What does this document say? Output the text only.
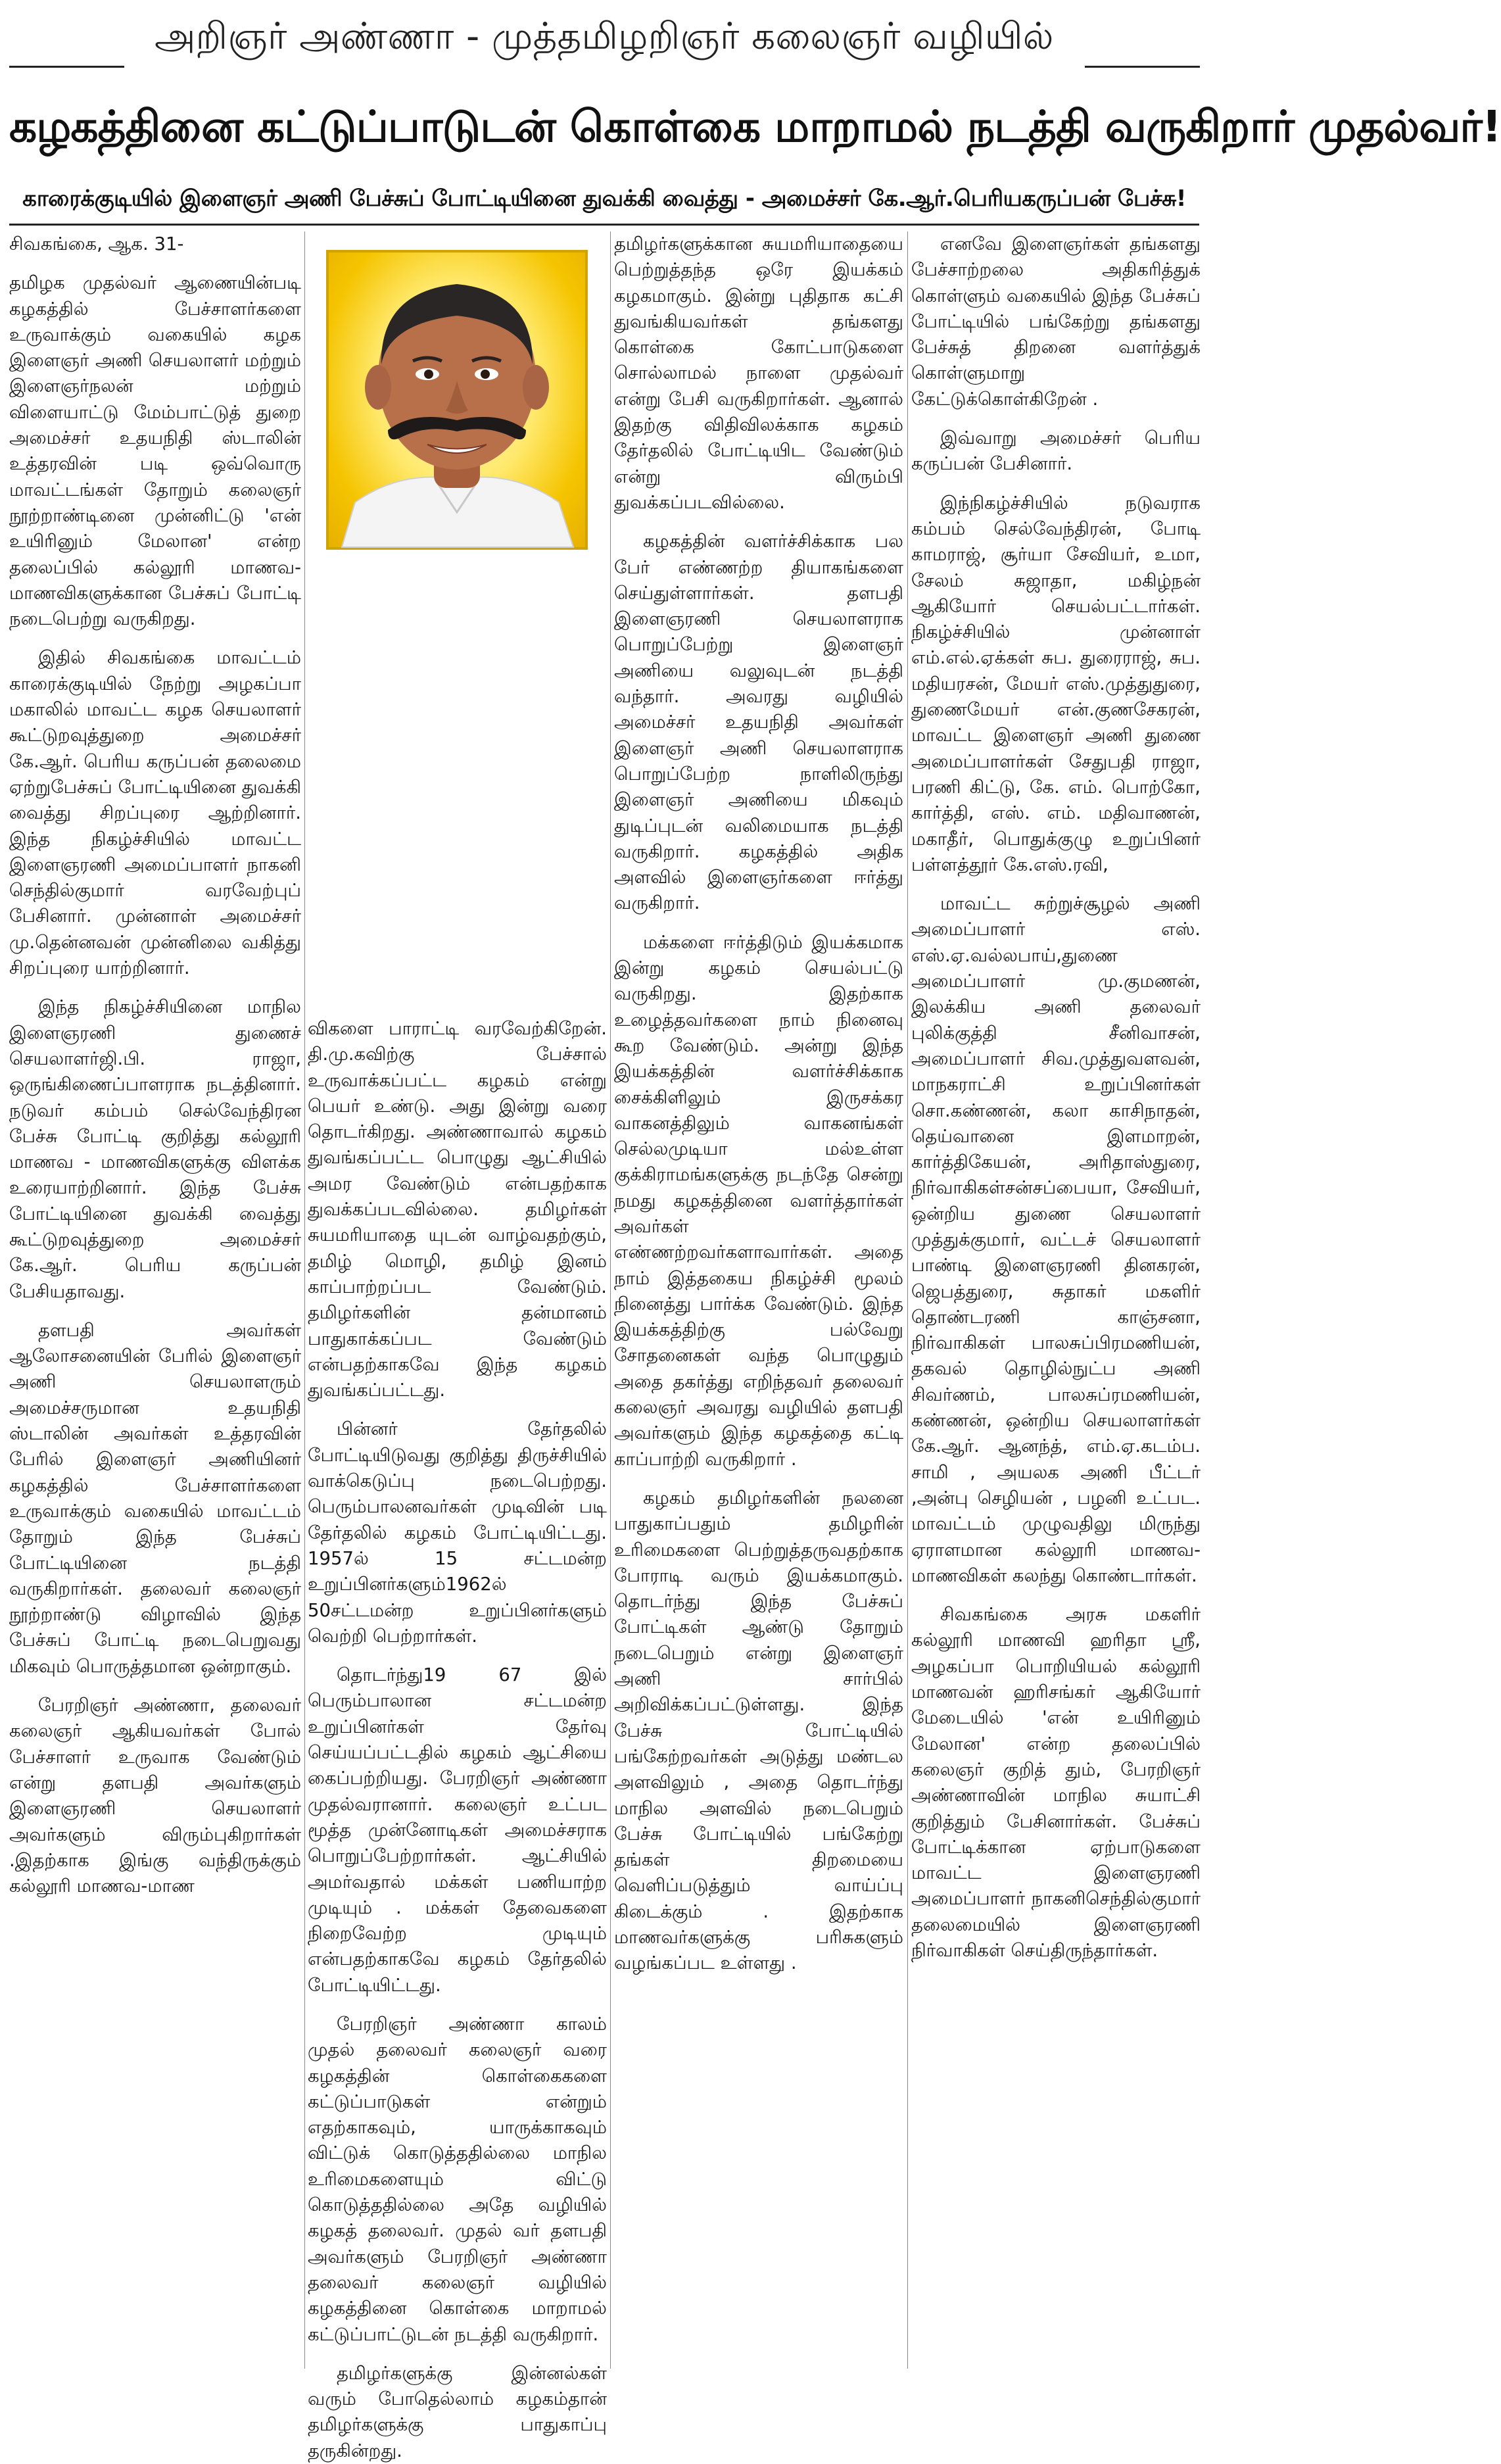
அறிஞர் அண்ணா - முத்தமிழறிஞர் கலைஞர் வழியில்
கழகத்தினை கட்டுப்பாடுடன் கொள்கை மாறாமல் நடத்தி வருகிறார் முதல்வர்!
காரைக்குடியில் இளைஞர் அணி பேச்சுப் போட்டியினை துவக்கி வைத்து - அமைச்சர் கே.ஆர்.பெரியகருப்பன் பேச்சு!

சிவகங்கை, ஆக. 31-

தமிழக முதல்வர் ஆணையின்படி கழகத்தில் பேச்சாளர்களை உருவாக்கும் வகையில் கழக இளைஞர் அணி செயலாளர் மற்றும் இளைஞர்நலன் மற்றும் விளையாட்டு மேம்பாட்டுத் துறை அமைச்சர் உதயநிதி ஸ்டாலின் உத்தரவின் படி ஒவ்வொரு மாவட்டங்கள் தோறும் கலைஞர் நூற்றாண்டினை முன்னிட்டு 'என் உயிரினும் மேலான' என்ற தலைப்பில் கல்லூரி மாணவ- மாணவிகளுக்கான பேச்சுப் போட்டி நடைபெற்று வருகிறது.

இதில் சிவகங்கை மாவட்டம் காரைக்குடியில் நேற்று அழகப்பா மகாலில் மாவட்ட கழக செயலாளர் கூட்டுறவுத்துறை அமைச்சர் கே.ஆர். பெரிய கருப்பன் தலைமை ஏற்றுபேச்சுப் போட்டியினை துவக்கி வைத்து சிறப்புரை ஆற்றினார். இந்த நிகழ்ச்சியில் மாவட்ட இளைஞரணி அமைப்பாளர் நாகனி செந்தில்குமார் வரவேற்புப் பேசினார். முன்னாள் அமைச்சர் மு.தென்னவன் முன்னிலை வகித்து சிறப்புரை யாற்றினார்.

இந்த நிகழ்ச்சியினை மாநில இளைஞரணி துணைச் செயலாளர்ஜி.பி. ராஜா, ஒருங்கிணைப்பாளராக நடத்தினார். நடுவர் கம்பம் செல்வேந்திரன பேச்சு போட்டி குறித்து கல்லூரி மாணவ - மாணவிகளுக்கு விளக்க உரையாற்றினார். இந்த பேச்சு போட்டியினை துவக்கி வைத்து கூட்டுறவுத்துறை அமைச்சர் கே.ஆர். பெரிய கருப்பன் பேசியதாவது.

தளபதி அவர்கள் ஆலோசனையின் பேரில் இளைஞர் அணி செயலாளரும் அமைச்சருமான உதயநிதி ஸ்டாலின் அவர்கள் உத்தரவின் பேரில் இளைஞர் அணியினர் கழகத்தில் பேச்சாளர்களை உருவாக்கும் வகையில் மாவட்டம் தோறும் இந்த பேச்சுப் போட்டியினை நடத்தி வருகிறார்கள். தலைவர் கலைஞர் நூற்றாண்டு விழாவில் இந்த பேச்சுப் போட்டி நடைபெறுவது மிகவும் பொருத்தமான ஒன்றாகும்.

பேரறிஞர் அண்ணா, தலைவர் கலைஞர் ஆகியவர்கள் போல் பேச்சாளர் உருவாக வேண்டும் என்று தளபதி அவர்களும் இளைஞரணி செயலாளர் அவர்களும் விரும்புகிறார்கள் .இதற்காக இங்கு வந்திருக்கும் கல்லூரி மாணவ-மாண

விகளை பாராட்டி வரவேற்கிறேன். தி.மு.கவிற்கு பேச்சால் உருவாக்கப்பட்ட கழகம் என்று பெயர் உண்டு. அது இன்று வரை தொடர்கிறது. அண்ணாவால் கழகம் துவங்கப்பட்ட பொழுது ஆட்சியில் அமர வேண்டும் என்பதற்காக துவக்கப்படவில்லை. தமிழர்கள் சுயமரியாதை யுடன் வாழ்வதற்கும், தமிழ் மொழி, தமிழ் இனம் காப்பாற்றப்பட வேண்டும். தமிழர்களின் தன்மானம் பாதுகாக்கப்பட வேண்டும் என்பதற்காகவே இந்த கழகம் துவங்கப்பட்டது.

பின்னர் தேர்தலில் போட்டியிடுவது குறித்து திருச்சியில் வாக்கெடுப்பு நடைபெற்றது. பெரும்பாலனவர்கள் முடிவின் படி தேர்தலில் கழகம் போட்டியிட்டது. 1957ல் 15 சட்டமன்ற உறுப்பினர்களும்1962ல் 50சட்டமன்ற உறுப்பினர்களும் வெற்றி பெற்றார்கள்.

தொடர்ந்து19 67 இல் பெரும்பாலான சட்டமன்ற உறுப்பினர்கள் தேர்வு செய்யப்பட்டதில் கழகம் ஆட்சியை கைப்பற்றியது. பேரறிஞர் அண்ணா முதல்வரானார். கலைஞர் உட்பட மூத்த முன்னோடிகள் அமைச்சராக பொறுப்பேற்றார்கள். ஆட்சியில் அமர்வதால் மக்கள் பணியாற்ற முடியும் . மக்கள் தேவைகளை நிறைவேற்ற முடியும் என்பதற்காகவே கழகம் தேர்தலில் போட்டியிட்டது.

பேரறிஞர் அண்ணா காலம் முதல் தலைவர் கலைஞர் வரை கழகத்தின் கொள்கைகளை கட்டுப்பாடுகள் என்றும் எதற்காகவும், யாருக்காகவும் விட்டுக் கொடுத்ததில்லை மாநில உரிமைகளையும் விட்டு கொடுத்ததில்லை அதே வழியில் கழகத் தலைவர். முதல் வர் தளபதி அவர்களும் பேரறிஞர் அண்ணா தலைவர் கலைஞர் வழியில் கழகத்தினை கொள்கை மாறாமல் கட்டுப்பாட்டுடன் நடத்தி வருகிறார்.

தமிழர்களுக்கு இன்னல்கள் வரும் போதெல்லாம் கழகம்தான் தமிழர்களுக்கு பாதுகாப்பு தருகின்றது.

தமிழர்களுக்கான சுயமரியாதையை பெற்றுத்தந்த ஒரே இயக்கம் கழகமாகும். இன்று புதிதாக கட்சி துவங்கியவர்கள் தங்களது கொள்கை கோட்பாடுகளை சொல்லாமல் நாளை முதல்வர் என்று பேசி வருகிறார்கள். ஆனால் இதற்கு விதிவிலக்காக கழகம் தேர்தலில் போட்டியிட வேண்டும் என்று விரும்பி துவக்கப்படவில்லை.

கழகத்தின் வளர்ச்சிக்காக பல பேர் எண்ணற்ற தியாகங்களை செய்துள்ளார்கள். தளபதி இளைஞரணி செயலாளராக பொறுப்பேற்று இளைஞர் அணியை வலுவுடன் நடத்தி வந்தார். அவரது வழியில் அமைச்சர் உதயநிதி அவர்கள் இளைஞர் அணி செயலாளராக பொறுப்பேற்ற நாளிலிருந்து இளைஞர் அணியை மிகவும் துடிப்புடன் வலிமையாக நடத்தி வருகிறார். கழகத்தில் அதிக அளவில் இளைஞர்களை ஈர்த்து வருகிறார்.

மக்களை ஈர்த்திடும் இயக்கமாக இன்று கழகம் செயல்பட்டு வருகிறது. இதற்காக உழைத்தவர்களை நாம் நினைவு கூற வேண்டும். அன்று இந்த இயக்கத்தின் வளர்ச்சிக்காக சைக்கிளிலும் இருசக்கர வாகனத்திலும் வாகனங்கள் செல்லமுடியா மல்உள்ள குக்கிராமங்களுக்கு நடந்தே சென்று நமது கழகத்தினை வளர்த்தார்கள் அவர்கள் எண்ணற்றவர்களாவார்கள். அதை நாம் இத்தகைய நிகழ்ச்சி மூலம் நினைத்து பார்க்க வேண்டும். இந்த இயக்கத்திற்கு பல்வேறு சோதனைகள் வந்த பொழுதும் அதை தகர்த்து எறிந்தவர் தலைவர் கலைஞர் அவரது வழியில் தளபதி அவர்களும் இந்த கழகத்தை கட்டி காப்பாற்றி வருகிறார் .

கழகம் தமிழர்களின் நலனை பாதுகாப்பதும் தமிழரின் உரிமைகளை பெற்றுத்தருவதற்காக போராடி வரும் இயக்கமாகும். தொடர்ந்து இந்த பேச்சுப் போட்டிகள் ஆண்டு தோறும் நடைபெறும் என்று இளைஞர் அணி சார்பில் அறிவிக்கப்பட்டுள்ளது. இந்த பேச்சு போட்டியில் பங்கேற்றவர்கள் அடுத்து மண்டல அளவிலும் , அதை தொடர்ந்து மாநில அளவில் நடைபெறும் பேச்சு போட்டியில் பங்கேற்று தங்கள் திறமையை வெளிப்படுத்தும் வாய்ப்பு கிடைக்கும் . இதற்காக மாணவர்களுக்கு பரிசுகளும் வழங்கப்பட உள்ளது .

எனவே இளைஞர்கள் தங்களது பேச்சாற்றலை அதிகரித்துக் கொள்ளும் வகையில் இந்த பேச்சுப் போட்டியில் பங்கேற்று தங்களது பேச்சுத் திறனை வளர்த்துக் கொள்ளுமாறு கேட்டுக்கொள்கிறேன் .

இவ்வாறு அமைச்சர் பெரிய கருப்பன் பேசினார்.

இந்நிகழ்ச்சியில் நடுவராக கம்பம் செல்வேந்திரன், போடி காமராஜ், சூர்யா சேவியர், உமா, சேலம் சுஜாதா, மகிழ்நன் ஆகியோர் செயல்பட்டார்கள். நிகழ்ச்சியில் முன்னாள் எம்.எல்.ஏக்கள் சுப. துரைராஜ், சுப. மதியரசன், மேயர் எஸ்.முத்துதுரை, துணைமேயர் என்.குணசேகரன், மாவட்ட இளைஞர் அணி துணை அமைப்பாளர்கள் சேதுபதி ராஜா, பரணி கிட்டு, கே. எம். பொற்கோ, கார்த்தி, எஸ். எம். மதிவாணன், மகாதீர், பொதுக்குழு உறுப்பினர் பள்ளத்தூர் கே.எஸ்.ரவி,

மாவட்ட சுற்றுச்சூழல் அணி அமைப்பாளர் எஸ். எஸ்.ஏ.வல்லபாய்,துணை அமைப்பாளர் மு.குமணன், இலக்கிய அணி தலைவர் புலிக்குத்தி சீனிவாசன், அமைப்பாளர் சிவ.முத்துவளவன், மாநகராட்சி உறுப்பினர்கள் சொ.கண்ணன், கலா காசிநாதன், தெய்வானை இளமாறன், கார்த்திகேயன், அரிதாஸ்துரை, நிர்வாகிகள்சன்சப்பையா, சேவியர், ஒன்றிய துணை செயலாளர் முத்துக்குமார், வட்டச் செயலாளர் பாண்டி இளைஞரணி தினகரன், ஜெபத்துரை, சுதாகர் மகளிர் தொண்டரணி காஞ்சனா, நிர்வாகிகள் பாலசுப்பிரமணியன், தகவல் தொழில்நுட்ப அணி சிவர்ணம், பாலசுப்ரமணியன், கண்ணன், ஒன்றிய செயலாளர்கள் கே.ஆர். ஆனந்த், எம்.ஏ.கடம்ப. சாமி , அயலக அணி பீட்டர் ,அன்பு செழியன் , பழனி உட்பட. மாவட்டம் முழுவதிலு மிருந்து ஏராளமான கல்லூரி மாணவ-மாணவிகள் கலந்து கொண்டார்கள்.

சிவகங்கை அரசு மகளிர் கல்லூரி மாணவி ஹரிதா ஸ்ரீ, அழகப்பா பொறியியல் கல்லூரி மாணவன் ஹரிசங்கர் ஆகியோர் மேடையில் 'என் உயிரினும் மேலான' என்ற தலைப்பில் கலைஞர் குறித் தும், பேரறிஞர் அண்ணாவின் மாநில சுயாட்சி குறித்தும் பேசினார்கள். பேச்சுப் போட்டிக்கான ஏற்பாடுகளை மாவட்ட இளைஞரணி அமைப்பாளர் நாகனிசெந்தில்குமார் தலைமையில் இளைஞரணி நிர்வாகிகள் செய்திருந்தார்கள்.
